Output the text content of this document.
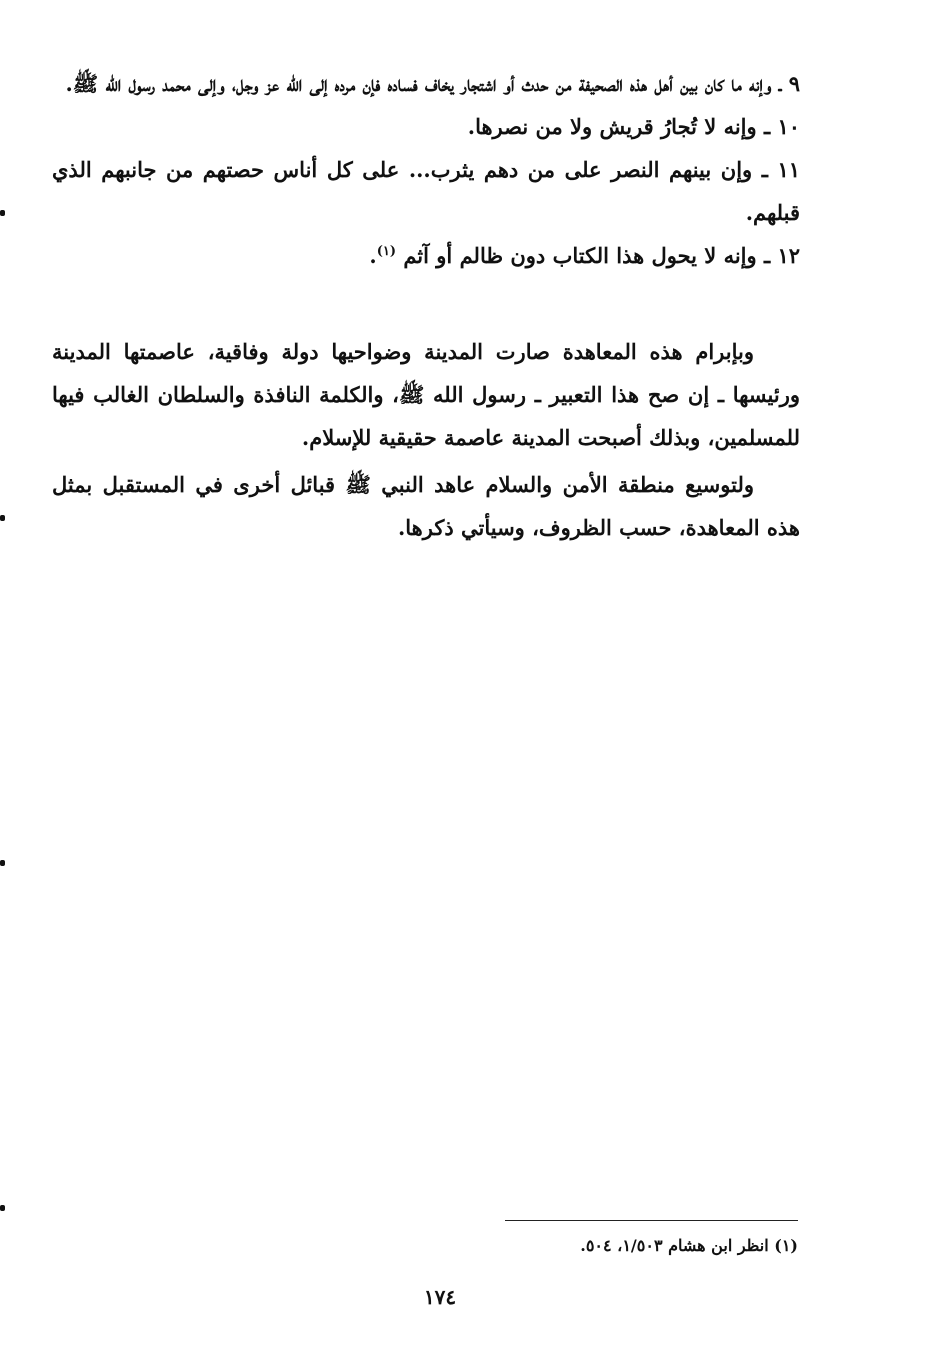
٩ ـ وإنه ما كان بين أهل هذه الصحيفة من حدث أو اشتجار يخاف فساده فإن مرده إلى الله عز وجل، وإلى محمد رسول الله ﷺ.

١٠ ـ وإنه لا تُجارُ قريش ولا من نصرها.

١١ ـ وإن بينهم النصر على من دهم يثرب... على كل أناس حصتهم من جانبهم الذي قبلهم.

١٢ ـ وإنه لا يحول هذا الكتاب دون ظالم أو آثم $^{(١)}$.

وبإبرام هذه المعاهدة صارت المدينة وضواحيها دولة وفاقية، عاصمتها المدينة ورئيسها ـ إن صح هذا التعبير ـ رسول الله ﷺ، والكلمة النافذة والسلطان الغالب فيها للمسلمين، وبذلك أصبحت المدينة عاصمة حقيقية للإسلام.

ولتوسيع منطقة الأمن والسلام عاهد النبي ﷺ قبائل أخرى في المستقبل بمثل هذه المعاهدة، حسب الظروف، وسيأتي ذكرها.

(١) انظر ابن هشام ١/٥٠٣، ٥٠٤.
١٧٤
